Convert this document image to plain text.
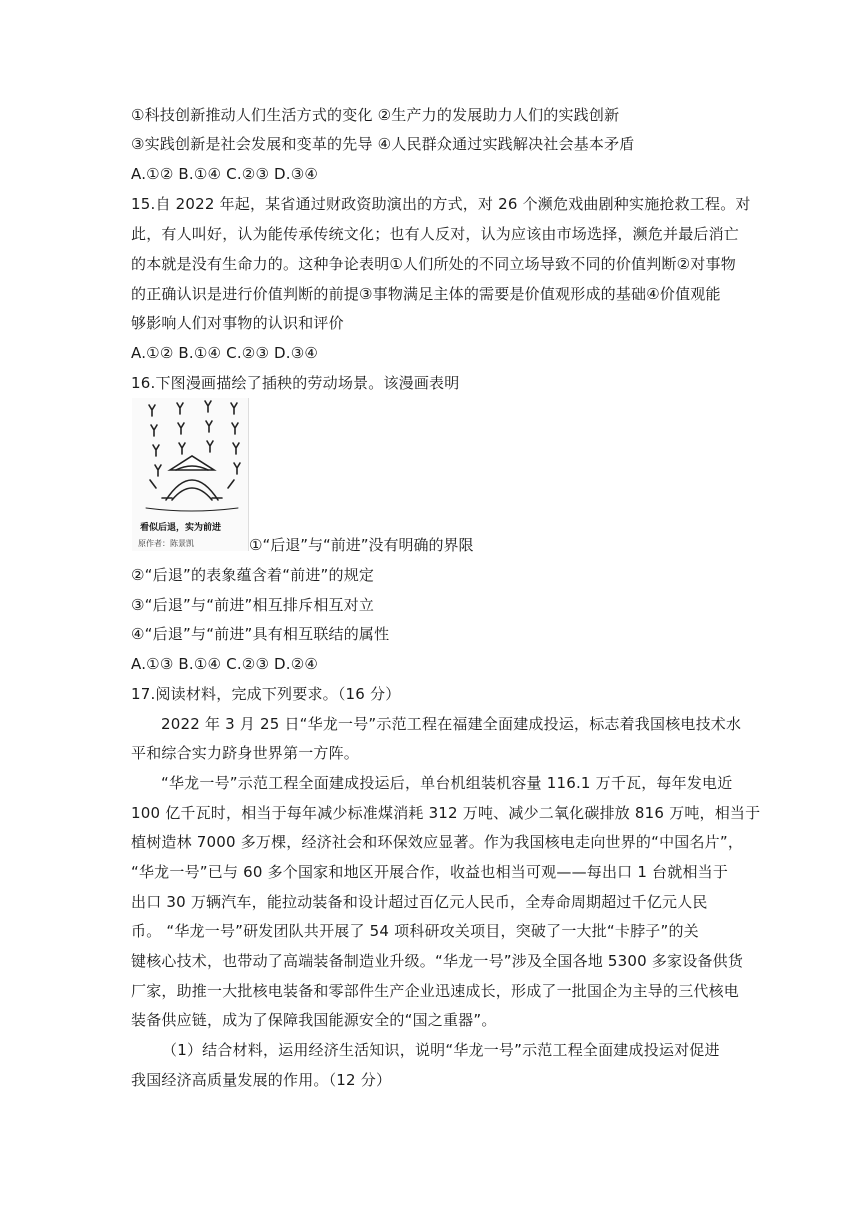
①科技创新推动人们生活方式的变化 ②生产力的发展助力人们的实践创新
③实践创新是社会发展和变革的先导 ④人民群众通过实践解决社会基本矛盾
A.①② B.①④ C.②③ D.③④
15.自 2022 年起，某省通过财政资助演出的方式，对 26 个濒危戏曲剧种实施抢救工程。对
此，有人叫好，认为能传承传统文化；也有人反对，认为应该由市场选择，濒危并最后消亡
的本就是没有生命力的。这种争论表明①人们所处的不同立场导致不同的价值判断②对事物
的正确认识是进行价值判断的前提③事物满足主体的需要是价值观形成的基础④价值观能
够影响人们对事物的认识和评价
A.①② B.①④ C.②③ D.③④
16.下图漫画描绘了插秧的劳动场景。该漫画表明
看似后退，实为前进
原作者：陈景凯	①“后退”与“前进”没有明确的界限
②“后退”的表象蕴含着“前进”的规定
③“后退”与“前进”相互排斥相互对立
④“后退”与“前进”具有相互联结的属性
A.①③ B.①④ C.②③ D.②④
17.阅读材料，完成下列要求。（16 分）
2022 年 3 月 25 日“华龙一号”示范工程在福建全面建成投运，标志着我国核电技术水
平和综合实力跻身世界第一方阵。
“华龙一号”示范工程全面建成投运后，单台机组装机容量 116.1 万千瓦，每年发电近
100 亿千瓦时，相当于每年减少标准煤消耗 312 万吨、减少二氧化碳排放 816 万吨，相当于
植树造林 7000 多万棵，经济社会和环保效应显著。作为我国核电走向世界的“中国名片”，
“华龙一号”已与 60 多个国家和地区开展合作，收益也相当可观——每出口 1 台就相当于
出口 30 万辆汽车，能拉动装备和设计超过百亿元人民币，全寿命周期超过千亿元人民
币。 “华龙一号”研发团队共开展了 54 项科研攻关项目，突破了一大批“卡脖子”的关
键核心技术，也带动了高端装备制造业升级。“华龙一号”涉及全国各地 5300 多家设备供货
厂家，助推一大批核电装备和零部件生产企业迅速成长，形成了一批国企为主导的三代核电
装备供应链，成为了保障我国能源安全的“国之重器”。
（1）结合材料，运用经济生活知识，说明“华龙一号”示范工程全面建成投运对促进
我国经济高质量发展的作用。（12 分）
